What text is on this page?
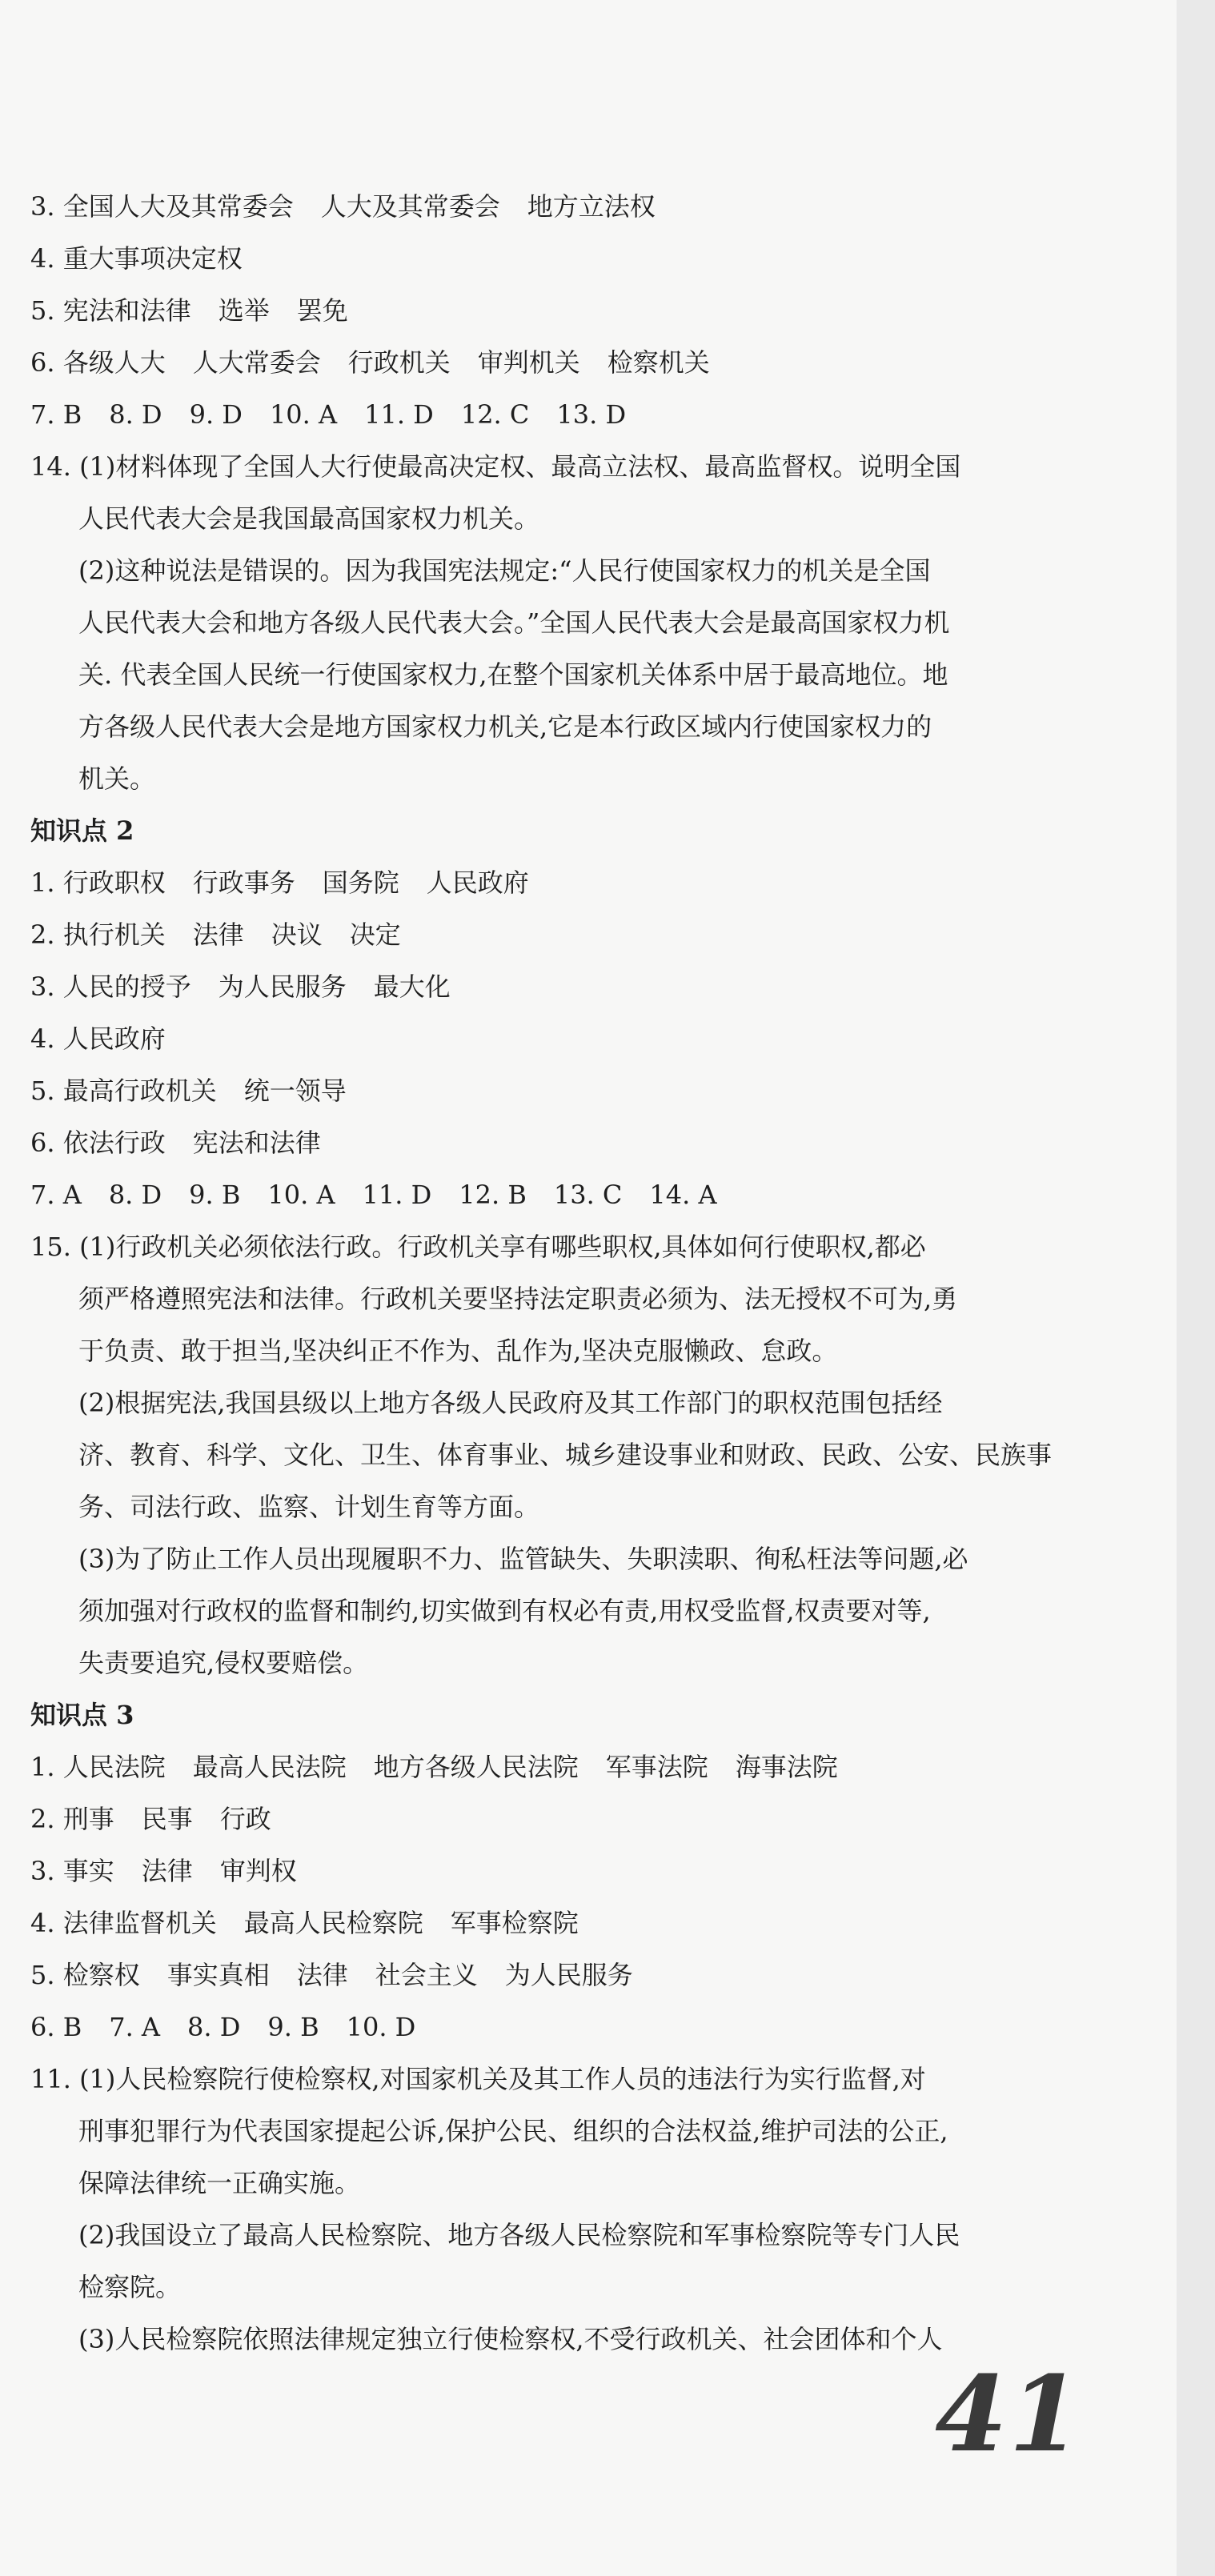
3. 全国人大及其常委会 人大及其常委会 地方立法权
4. 重大事项决定权
5. 宪法和法律 选举 罢免
6. 各级人大 人大常委会 行政机关 审判机关 检察机关
7. B 8. D 9. D 10. A 11. D 12. C 13. D
14. (1)材料体现了全国人大行使最高决定权、最高立法权、最高监督权。说明全国
人民代表大会是我国最高国家权力机关。
(2)这种说法是错误的。因为我国宪法规定:“人民行使国家权力的机关是全国
人民代表大会和地方各级人民代表大会。”全国人民代表大会是最高国家权力机
关. 代表全国人民统一行使国家权力,在整个国家机关体系中居于最高地位。地
方各级人民代表大会是地方国家权力机关,它是本行政区域内行使国家权力的
机关。
知识点 2
1. 行政职权 行政事务 国务院 人民政府
2. 执行机关 法律 决议 决定
3. 人民的授予 为人民服务 最大化
4. 人民政府
5. 最高行政机关 统一领导
6. 依法行政 宪法和法律
7. A 8. D 9. B 10. A 11. D 12. B 13. C 14. A
15. (1)行政机关必须依法行政。行政机关享有哪些职权,具体如何行使职权,都必
须严格遵照宪法和法律。行政机关要坚持法定职责必须为、法无授权不可为,勇
于负责、敢于担当,坚决纠正不作为、乱作为,坚决克服懒政、怠政。
(2)根据宪法,我国县级以上地方各级人民政府及其工作部门的职权范围包括经
济、教育、科学、文化、卫生、体育事业、城乡建设事业和财政、民政、公安、民族事
务、司法行政、监察、计划生育等方面。
(3)为了防止工作人员出现履职不力、监管缺失、失职渎职、徇私枉法等问题,必
须加强对行政权的监督和制约,切实做到有权必有责,用权受监督,权责要对等,
失责要追究,侵权要赔偿。
知识点 3
1. 人民法院 最高人民法院 地方各级人民法院 军事法院 海事法院
2. 刑事 民事 行政
3. 事实 法律 审判权
4. 法律监督机关 最高人民检察院 军事检察院
5. 检察权 事实真相 法律 社会主义 为人民服务
6. B 7. A 8. D 9. B 10. D
11. (1)人民检察院行使检察权,对国家机关及其工作人员的违法行为实行监督,对
刑事犯罪行为代表国家提起公诉,保护公民、组织的合法权益,维护司法的公正,
保障法律统一正确实施。
(2)我国设立了最高人民检察院、地方各级人民检察院和军事检察院等专门人民
检察院。
(3)人民检察院依照法律规定独立行使检察权,不受行政机关、社会团体和个人
41
